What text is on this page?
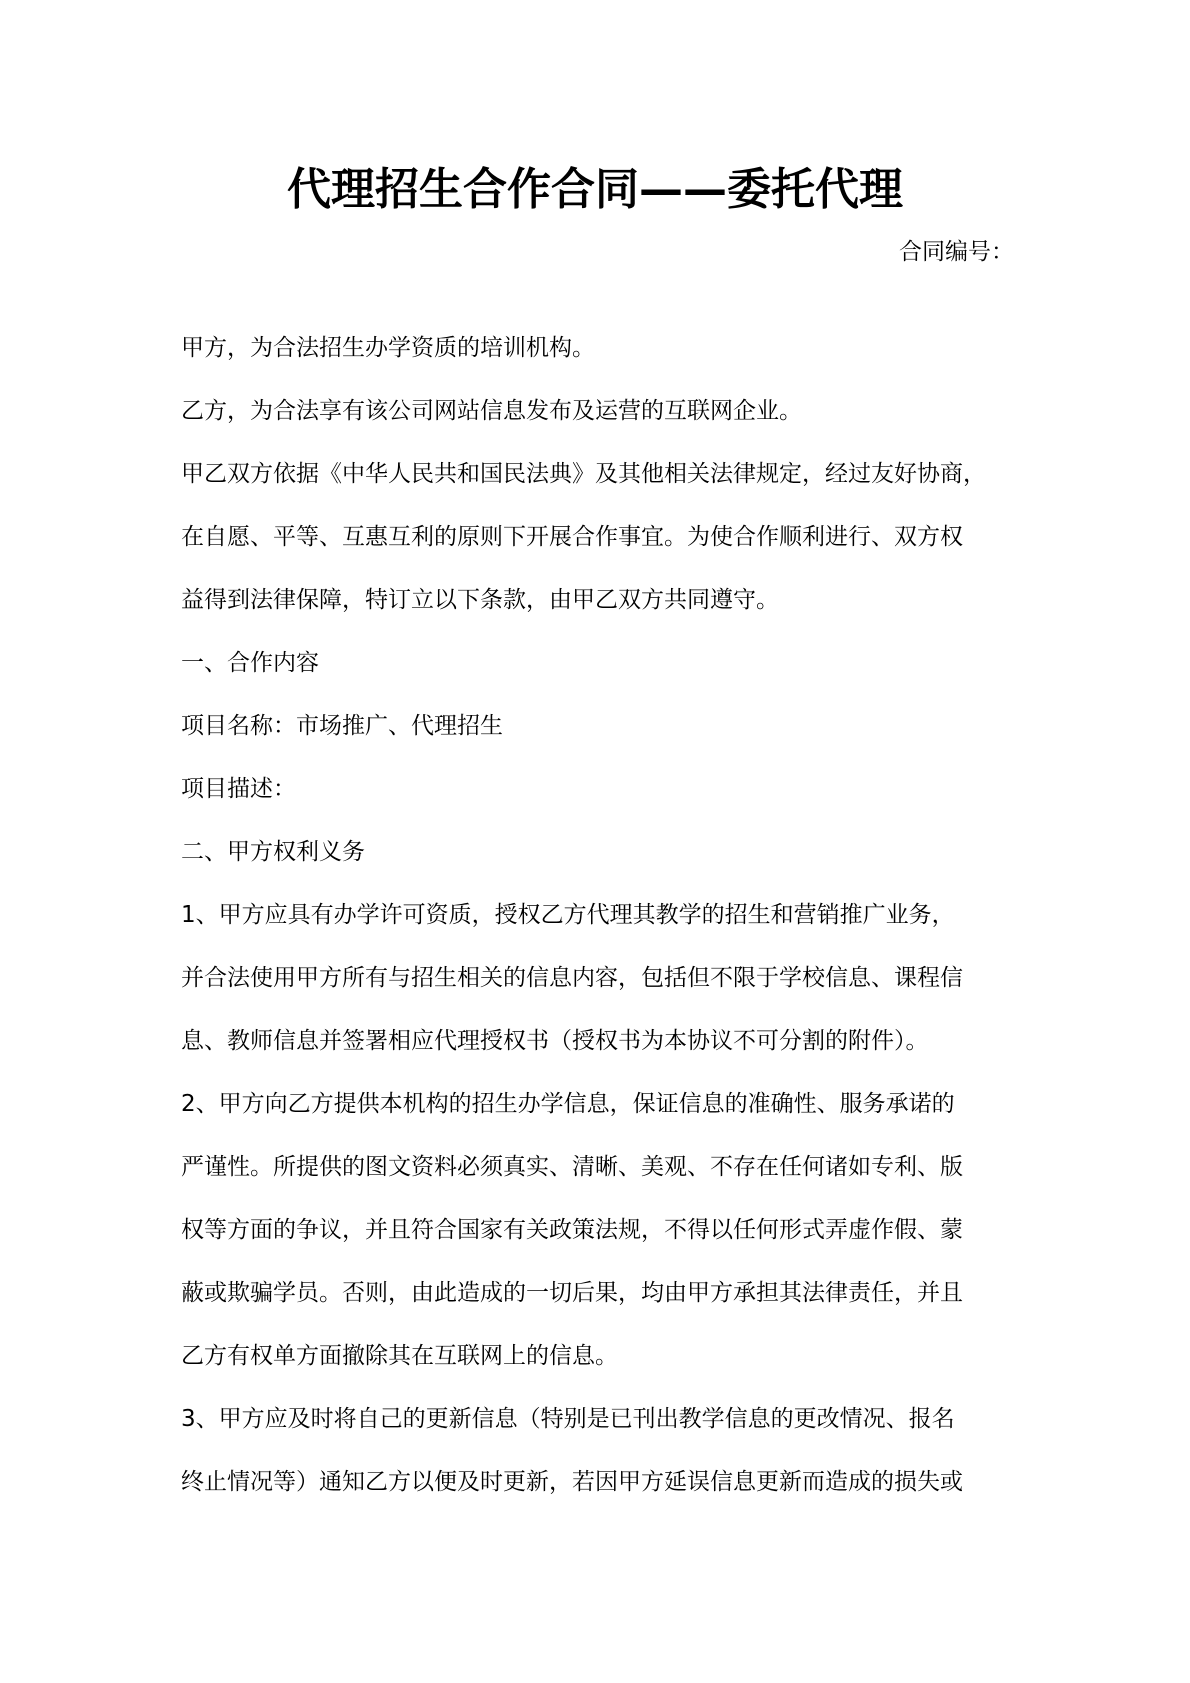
代理招生合作合同——委托代理
合同编号：
甲方，为合法招生办学资质的培训机构。
乙方，为合法享有该公司网站信息发布及运营的互联网企业。
甲乙双方依据《中华人民共和国民法典》及其他相关法律规定，经过友好协商，
在自愿、平等、互惠互利的原则下开展合作事宜。为使合作顺利进行、双方权
益得到法律保障，特订立以下条款，由甲乙双方共同遵守。
一、合作内容
项目名称：市场推广、代理招生
项目描述：
二、甲方权利义务
1、甲方应具有办学许可资质，授权乙方代理其教学的招生和营销推广业务，
并合法使用甲方所有与招生相关的信息内容，包括但不限于学校信息、课程信
息、教师信息并签署相应代理授权书（授权书为本协议不可分割的附件）。
2、甲方向乙方提供本机构的招生办学信息，保证信息的准确性、服务承诺的
严谨性。所提供的图文资料必须真实、清晰、美观、不存在任何诸如专利、版
权等方面的争议，并且符合国家有关政策法规，不得以任何形式弄虚作假、蒙
蔽或欺骗学员。否则，由此造成的一切后果，均由甲方承担其法律责任，并且
乙方有权单方面撤除其在互联网上的信息。
3、甲方应及时将自己的更新信息（特别是已刊出教学信息的更改情况、报名
终止情况等）通知乙方以便及时更新，若因甲方延误信息更新而造成的损失或
